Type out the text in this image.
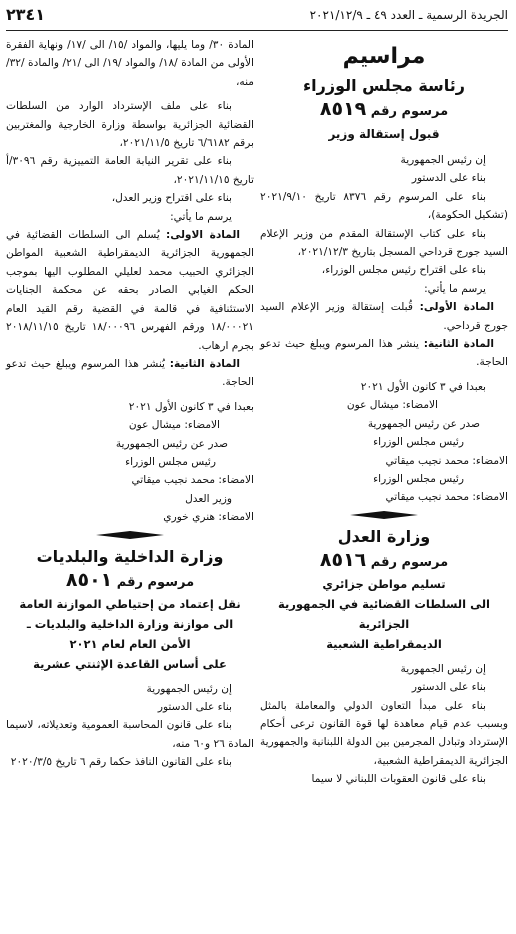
الجريدة الرسمية ـ العدد ٤٩ ـ ٢٠٢١/١٢/٩
٢٣٤١
مراسيم
رئاسة مجلس الوزراء
مرسوم رقم ٨٥١٩
قبول إستقالة وزير

إن رئيس الجمهورية

بناء على الدستور

بناء على المرسوم رقم ٨٣٧٦ تاريخ ٢٠٢١/٩/١٠ (تشكيل الحكومة)،

بناء على كتاب الإستقالة المقدم من وزير الإعلام السيد جورج قرداحي المسجل بتاريخ ٢٠٢١/١٢/٣،

بناء على اقتراح رئيس مجلس الوزراء،

يرسم ما يأتي:

المادة الأولى: قُبلت إستقالة وزير الإعلام السيد جورج قرداحي.

المادة الثانية: ينشر هذا المرسوم ويبلغ حيث تدعو الحاجة.

بعبدا في ٣ كانون الأول ٢٠٢١

الامضاء: ميشال عون

صدر عن رئيس الجمهورية

رئيس مجلس الوزراء

الامضاء: محمد نجيب ميقاتي

رئيس مجلس الوزراء

الامضاء: محمد نجيب ميقاتي

وزارة العدل
مرسوم رقم ٨٥١٦
تسليم مواطن جزائري
الى السلطات القضائية في الجمهورية الجزائرية
الديمقراطية الشعبية

إن رئيس الجمهورية

بناء على الدستور

بناء على مبدأ التعاون الدولي والمعاملة بالمثل وبسبب عدم قيام معاهدة لها قوة القانون ترعى أحكام الإسترداد وتبادل المجرمين بين الدولة اللبنانية والجمهورية الجزائرية الديمقراطية الشعبية،

بناء على قانون العقوبات اللبناني لا سيما

المادة ٣٠/ وما يليها، والمواد /١٥/ الى /١٧/ ونهاية الفقرة الأولى من المادة /١٨/ والمواد /١٩/ الى /٢١/ والمادة /٣٢/ منه،

بناء على ملف الإسترداد الوارد من السلطات القضائية الجزائرية بواسطة وزارة الخارجية والمغتربين برقم ٦/٦١٨٢ تاريخ ٢٠٢١/١١/٥،

بناء على تقرير النيابة العامة التمييزية رقم ٣٠٩٦/أ تاريخ ٢٠٢١/١١/١٥،

بناء على اقتراح وزير العدل،

يرسم ما يأتي:

المادة الاولى: يُسلم الى السلطات القضائية في الجمهورية الجزائرية الديمقراطية الشعبية المواطن الجزائري الحبيب محمد لعليلي المطلوب اليها بموجب الحكم الغيابي الصادر بحقه عن محكمة الجنايات الاستئنافية في قالمة في القضية رقم القيد العام ١٨/٠٠٠٢١ ورقم الفهرس ١٨/٠٠٠٩٦ تاريخ ٢٠١٨/١١/١٥ بجرم ارهاب.

المادة الثانية: يُنشر هذا المرسوم ويبلغ حيث تدعو الحاجة.

بعبدا في ٣ كانون الأول ٢٠٢١

الامضاء: ميشال عون

صدر عن رئيس الجمهورية

رئيس مجلس الوزراء

الامضاء: محمد نجيب ميقاتي

وزير العدل

الامضاء: هنري خوري

وزارة الداخلية والبلديات
مرسوم رقم ٨٥٠١
نقل إعتماد من إحتياطي الموازنة العامة
الى موازنة وزارة الداخلية والبلديات ـ
الأمن العام لعام ٢٠٢١
على أساس القاعدة الإثنتي عشرية

إن رئيس الجمهورية

بناء على الدستور

بناء على قانون المحاسبة العمومية وتعديلاته، لاسيما المادة ٢٦ و٦٠ منه،

بناء على القانون النافذ حكما رقم ٦ تاريخ ٢٠٢٠/٣/٥
